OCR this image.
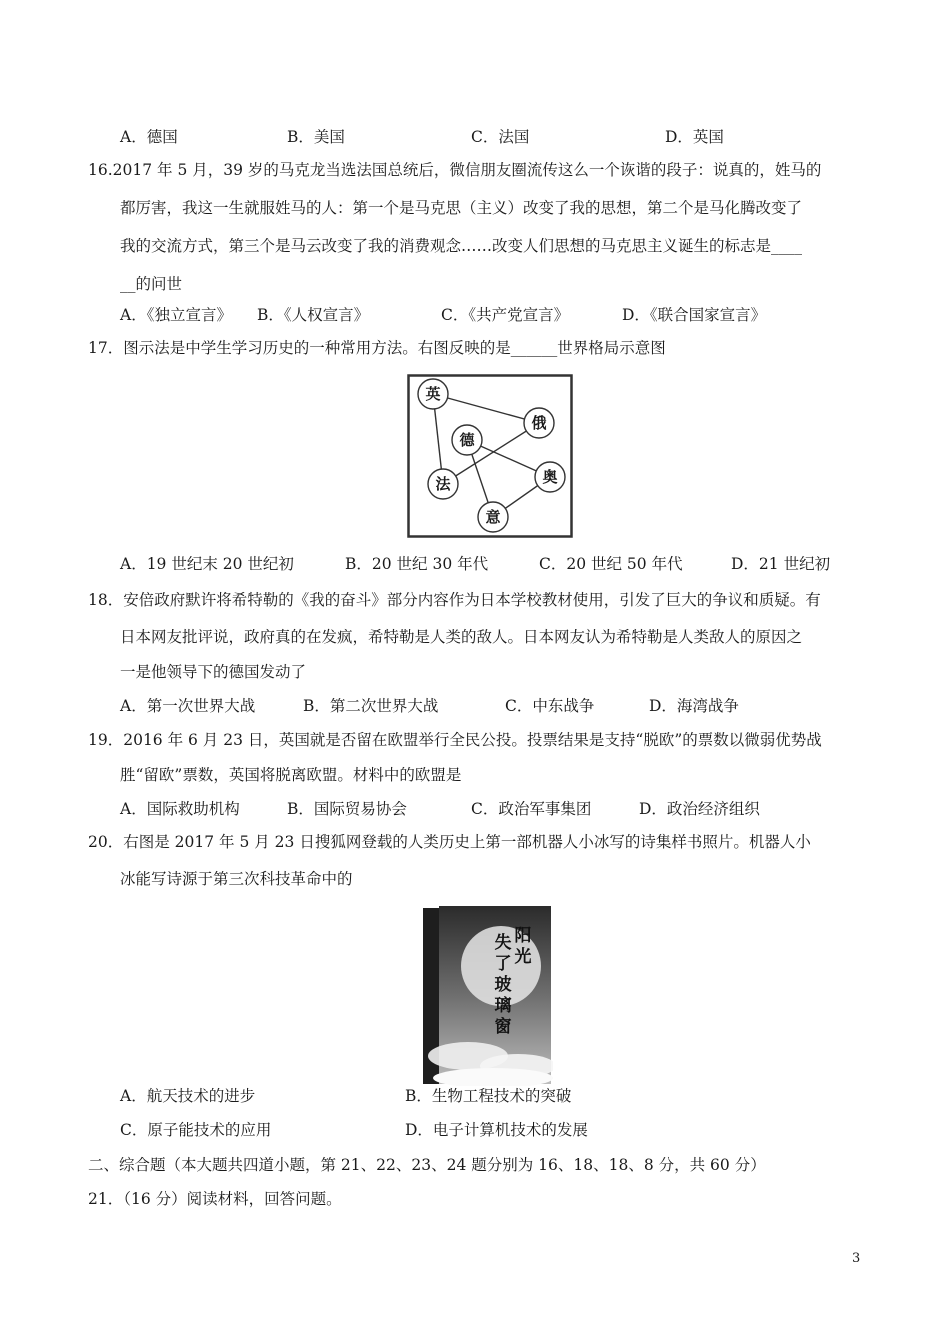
A．德国	B．美国	C．法国	D．英国
16.2017 年 5 月，39 岁的马克龙当选法国总统后，微信朋友圈流传这么一个诙谐的段子：说真的，姓马的
都厉害，我这一生就服姓马的人：第一个是马克思（主义）改变了我的思想，第二个是马化腾改变了
我的交流方式，第三个是马云改变了我的消费观念……改变人们思想的马克思主义诞生的标志是____
__的问世
A．《独立宣言》 B．《人权宣言》	C．《共产党宣言》	D．《联合国家宣言》
17．图示法是中学生学习历史的一种常用方法。右图反映的是______世界格局示意图
英
俄
德
奥
法
意
A．19 世纪末 20 世纪初	B．20 世纪 30 年代	C．20 世纪 50 年代	D．21 世纪初
18．安倍政府默许将希特勒的《我的奋斗》部分内容作为日本学校教材使用，引发了巨大的争议和质疑。有
日本网友批评说，政府真的在发疯，希特勒是人类的敌人。日本网友认为希特勒是人类敌人的原因之
一是他领导下的德国发动了
A．第一次世界大战	B．第二次世界大战	C．中东战争	D．海湾战争
19．2016 年 6 月 23 日，英国就是否留在欧盟举行全民公投。投票结果是支持“脱欧”的票数以微弱优势战
胜“留欧”票数，英国将脱离欧盟。材料中的欧盟是
A．国际救助机构	B．国际贸易协会	C．政治军事集团	D．政治经济组织
20．右图是 2017 年 5 月 23 日搜狐网登载的人类历史上第一部机器人小冰写的诗集样书照片。机器人小
冰能写诗源于第三次科技革命中的
阳
光
失
了
玻
璃
窗
A．航天技术的进步	B．生物工程技术的突破
C．原子能技术的应用	D．电子计算机技术的发展
二、综合题（本大题共四道小题，第 21、22、23、24 题分别为 16、18、18、8 分，共 60 分）
21．（16 分）阅读材料，回答问题。
3
